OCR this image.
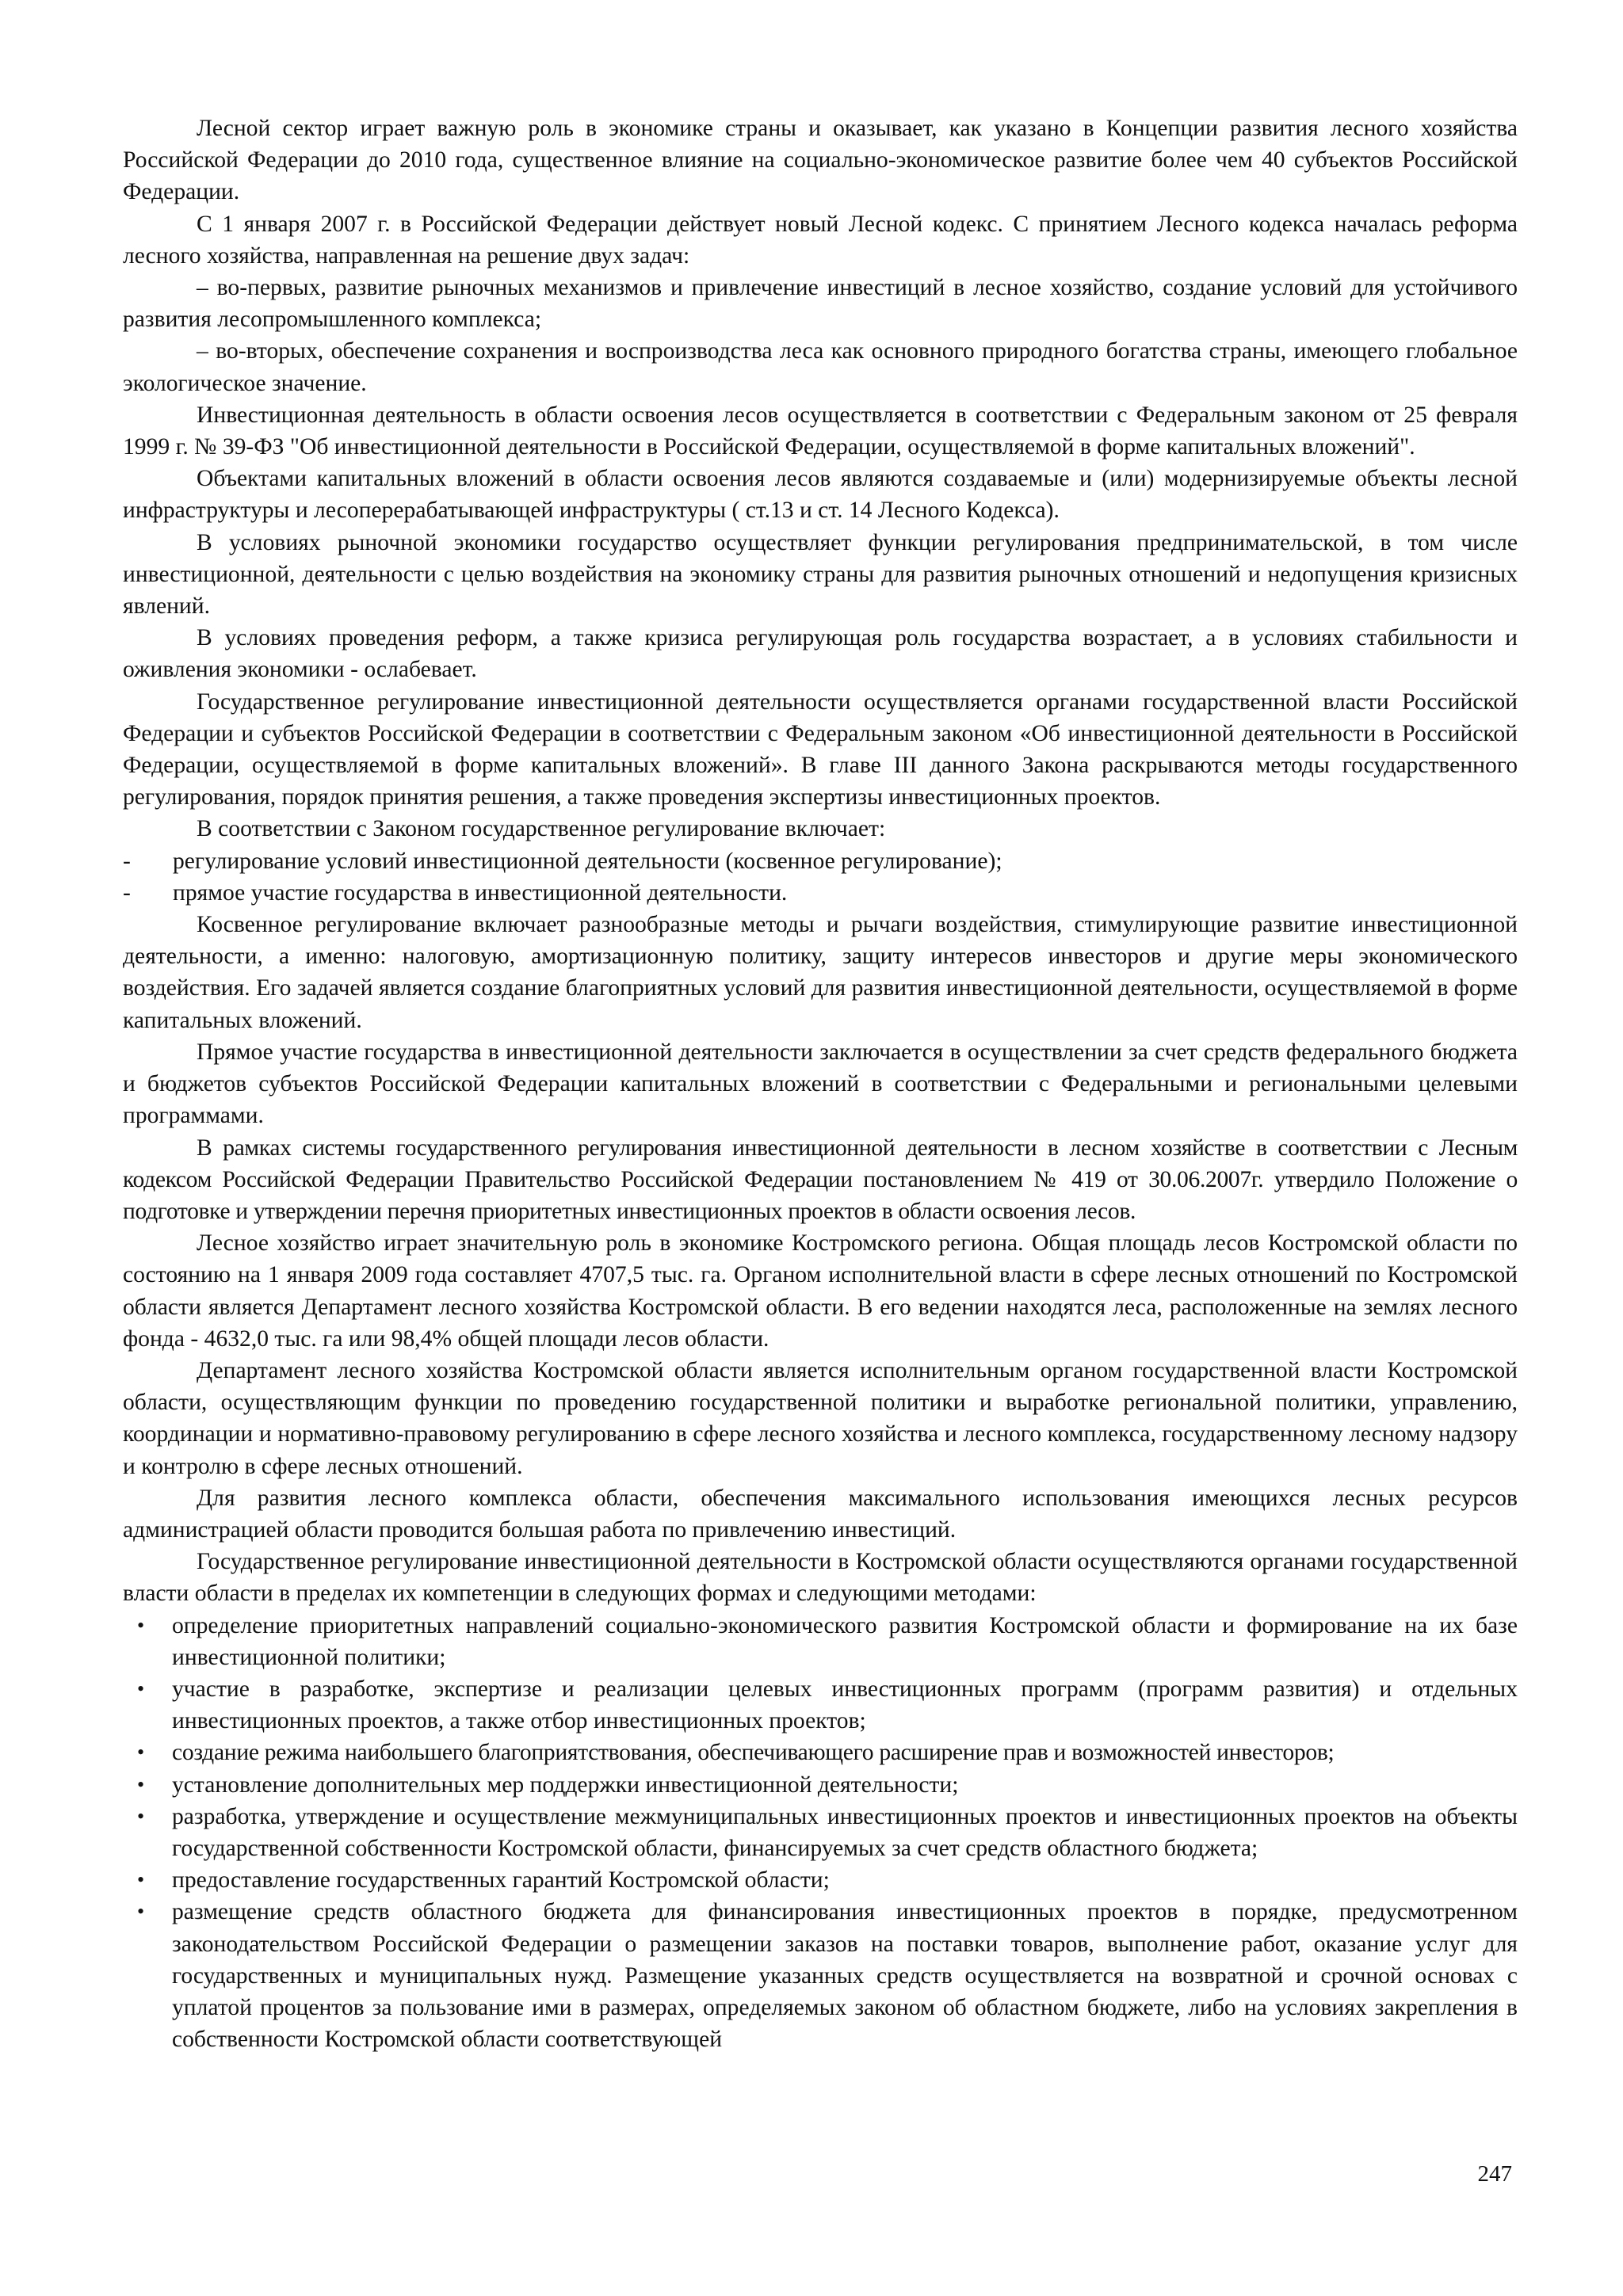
Лесной сектор играет важную роль в экономике страны и оказывает, как указано в Концепции развития лесного хозяйства Российской Федерации до 2010 года, существенное влияние на социально-экономическое развитие более чем 40 субъектов Российской Федерации.

С 1 января 2007 г. в Российской Федерации действует новый Лесной кодекс. С принятием Лесного кодекса началась реформа лесного хозяйства, направленная на решение двух задач:

– во-первых, развитие рыночных механизмов и привлечение инвестиций в лесное хозяйство, создание условий для устойчивого развития лесопромышленного комплекса;

– во-вторых, обеспечение сохранения и воспроизводства леса как основного природного богатства страны, имеющего глобальное экологическое значение.

Инвестиционная деятельность в области освоения лесов осуществляется в соответствии с Федеральным законом от 25 февраля 1999 г. № 39-ФЗ "Об инвестиционной деятельности в Российской Федерации, осуществляемой в форме капитальных вложений".

Объектами капитальных вложений в области освоения лесов являются создаваемые и (или) модернизируемые объекты лесной инфраструктуры и лесоперерабатывающей инфраструктуры ( ст.13 и ст. 14 Лесного Кодекса).

В условиях рыночной экономики государство осуществляет функции регулирования предпринимательской, в том числе инвестиционной, деятельности с целью воздействия на экономику страны для развития рыночных отношений и недопущения кризисных явлений.

В условиях проведения реформ, а также кризиса регулирующая роль государства возрастает, а в условиях стабильности и оживления экономики - ослабевает.

Государственное регулирование инвестиционной деятельности осуществляется органами государственной власти Российской Федерации и субъектов Российской Федерации в соответствии с Федеральным законом «Об инвестиционной деятельности в Российской Федерации, осуществляемой в форме капитальных вложений». В главе III данного Закона раскрываются методы государственного регулирования, порядок принятия решения, а также проведения экспертизы инвестиционных проектов.

В соответствии с Законом государственное регулирование включает:

-	регулирование условий инвестиционной деятельности (косвенное регулирование);
-	прямое участие государства в инвестиционной деятельности.

Косвенное регулирование включает разнообразные методы и рычаги воздействия, стимулирующие развитие инвестиционной деятельности, а именно: налоговую, амортизационную политику, защиту интересов инвесторов и другие меры экономического воздействия. Его задачей является создание благоприятных условий для развития инвестиционной деятельности, осуществляемой в форме капитальных вложений.

Прямое участие государства в инвестиционной деятельности заключается в осуществлении за счет средств федерального бюджета и бюджетов субъектов Российской Федерации капитальных вложений в соответствии с Федеральными и региональными целевыми программами.

В рамках системы государственного регулирования инвестиционной деятельности в лесном хозяйстве в соответствии с Лесным кодексом Российской Федерации Правительство Российской Федерации постановлением № 419 от 30.06.2007г. утвердило Положение о подготовке и утверждении перечня приоритетных инвестиционных проектов в области освоения лесов.

Лесное хозяйство играет значительную роль в экономике Костромского региона. Общая площадь лесов Костромской области по состоянию на 1 января 2009 года составляет 4707,5 тыс. га. Органом исполнительной власти в сфере лесных отношений по Костромской области является Департамент лесного хозяйства Костромской области. В его ведении находятся леса, расположенные на землях лесного фонда - 4632,0 тыс. га или 98,4% общей площади лесов области.

Департамент лесного хозяйства Костромской области является исполнительным органом государственной власти Костромской области, осуществляющим функции по проведению государственной политики и выработке региональной политики, управлению, координации и нормативно-правовому регулированию в сфере лесного хозяйства и лесного комплекса, государственному лесному надзору и контролю в сфере лесных отношений.

Для развития лесного комплекса области, обеспечения максимального использования имеющихся лесных ресурсов администрацией области проводится большая работа по привлечению инвестиций.

Государственное регулирование инвестиционной деятельности в Костромской области осуществляются органами государственной власти области в пределах их компетенции в следующих формах и следующими методами:

•	определение приоритетных направлений социально-экономического развития Костромской области и формирование на их базе инвестиционной политики;
•	участие в разработке, экспертизе и реализации целевых инвестиционных программ (программ развития) и отдельных инвестиционных проектов, а также отбор инвестиционных проектов;
•	создание режима наибольшего благоприятствования, обеспечивающего расширение прав и возможностей инвесторов;
•	установление дополнительных мер поддержки инвестиционной деятельности;
•	разработка, утверждение и осуществление межмуниципальных инвестиционных проектов и инвестиционных проектов на объекты государственной собственности Костромской области, финансируемых за счет средств областного бюджета;
•	предоставление государственных гарантий Костромской области;
•	размещение средств областного бюджета для финансирования инвестиционных проектов в порядке, предусмотренном законодательством Российской Федерации о размещении заказов на поставки товаров, выполнение работ, оказание услуг для государственных и муниципальных нужд. Размещение указанных средств осуществляется на возвратной и срочной основах с уплатой процентов за пользование ими в размерах, определяемых законом об областном бюджете, либо на условиях закрепления в собственности Костромской области соответствующей
247
